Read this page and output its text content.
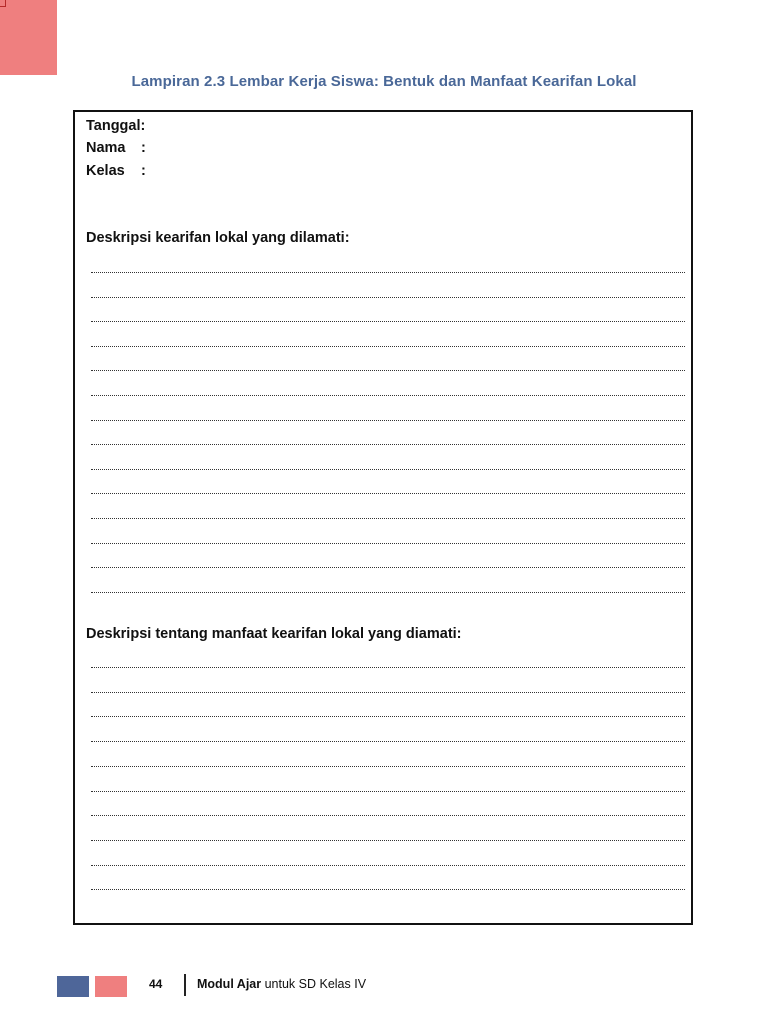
Lampiran 2.3 Lembar Kerja Siswa: Bentuk dan Manfaat Kearifan Lokal
Tanggal:
Nama :
Kelas :
Deskripsi kearifan lokal yang dilamati:
Deskripsi tentang manfaat kearifan lokal yang diamati:
44	Modul Ajar untuk SD Kelas IV
